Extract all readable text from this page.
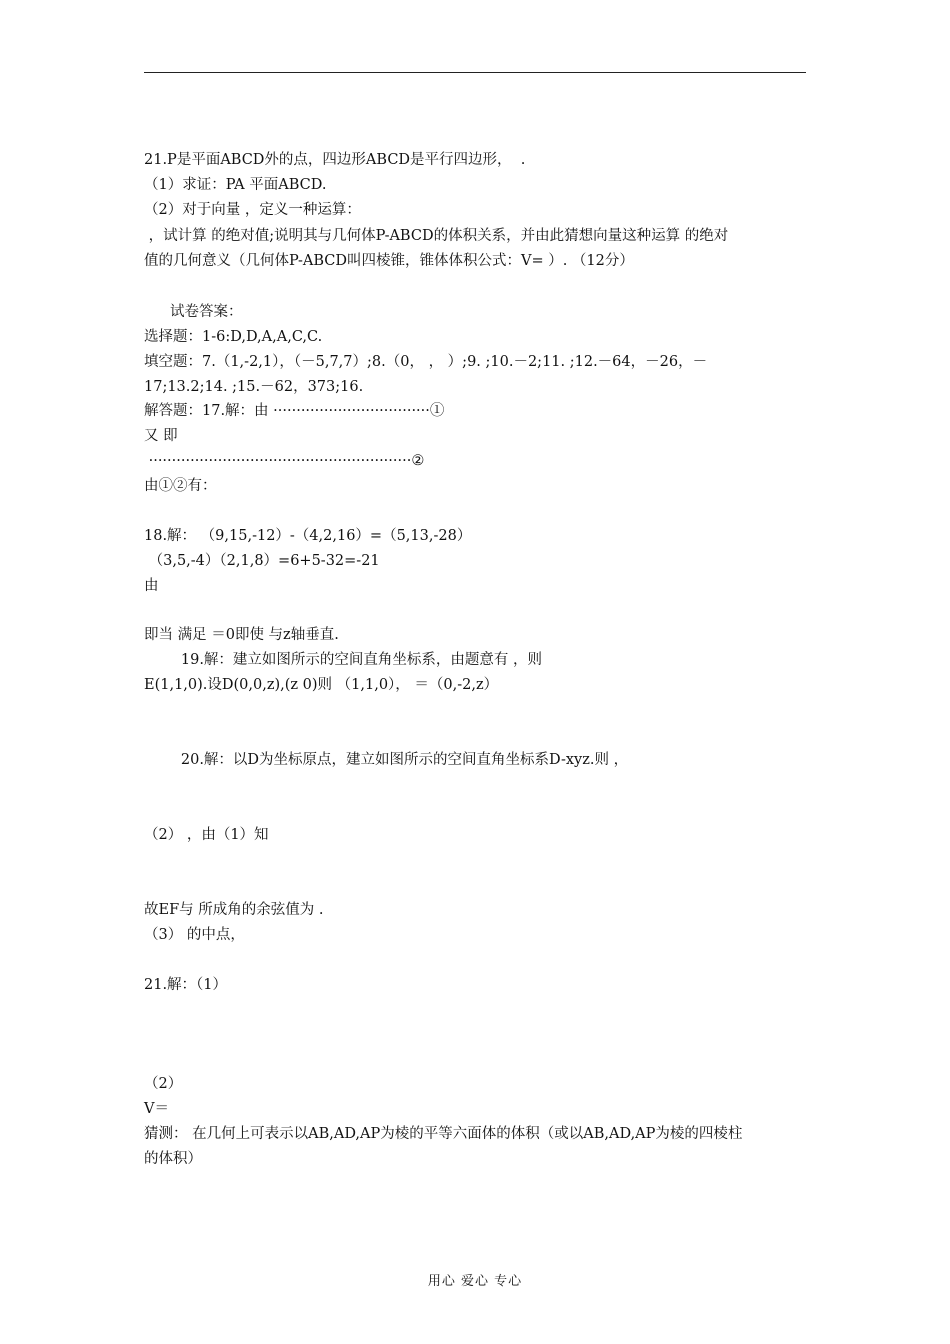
21.P是平面ABCD外的点，四边形ABCD是平行四边形，  .
（1）求证：PA 平面ABCD.
（2）对于向量 ，定义一种运算：
，试计算 的绝对值;说明其与几何体P-ABCD的体积关系，并由此猜想向量这种运算 的绝对
值的几何意义（几何体P-ABCD叫四棱锥，锥体体积公式：V= ）. （12分）
试卷答案：
选择题：1-6:D,D,A,A,C,C.
填空题：7.（1,-2,1），（－5,7,7）;8.（0， ， ）;9. ;10.－2;11. ;12.－64，－26，－
17;13.2;14. ;15.－62，373;16.
解答题：17.解：由 ··································①
又 即
·························································②
由①②有：
18.解： （9,15,-12）-（4,2,16）=（5,13,-28）
（3,5,-4）（2,1,8）=6+5-32=-21
由
即当 满足 ＝0即使 与z轴垂直.
19.解：建立如图所示的空间直角坐标系，由题意有 ，则
E(1,1,0).设D(0,0,z),(z 0)则 （1,1,0）， ＝（0,-2,z）
20.解：以D为坐标原点，建立如图所示的空间直角坐标系D-xyz.则 ，
（2） ，由（1）知
故EF与 所成角的余弦值为 .
（3） 的中点，
21.解：（1）
（2）
V＝
猜测： 在几何上可表示以AB,AD,AP为棱的平等六面体的体积（或以AB,AD,AP为棱的四棱柱
的体积）
用心 爱心 专心
